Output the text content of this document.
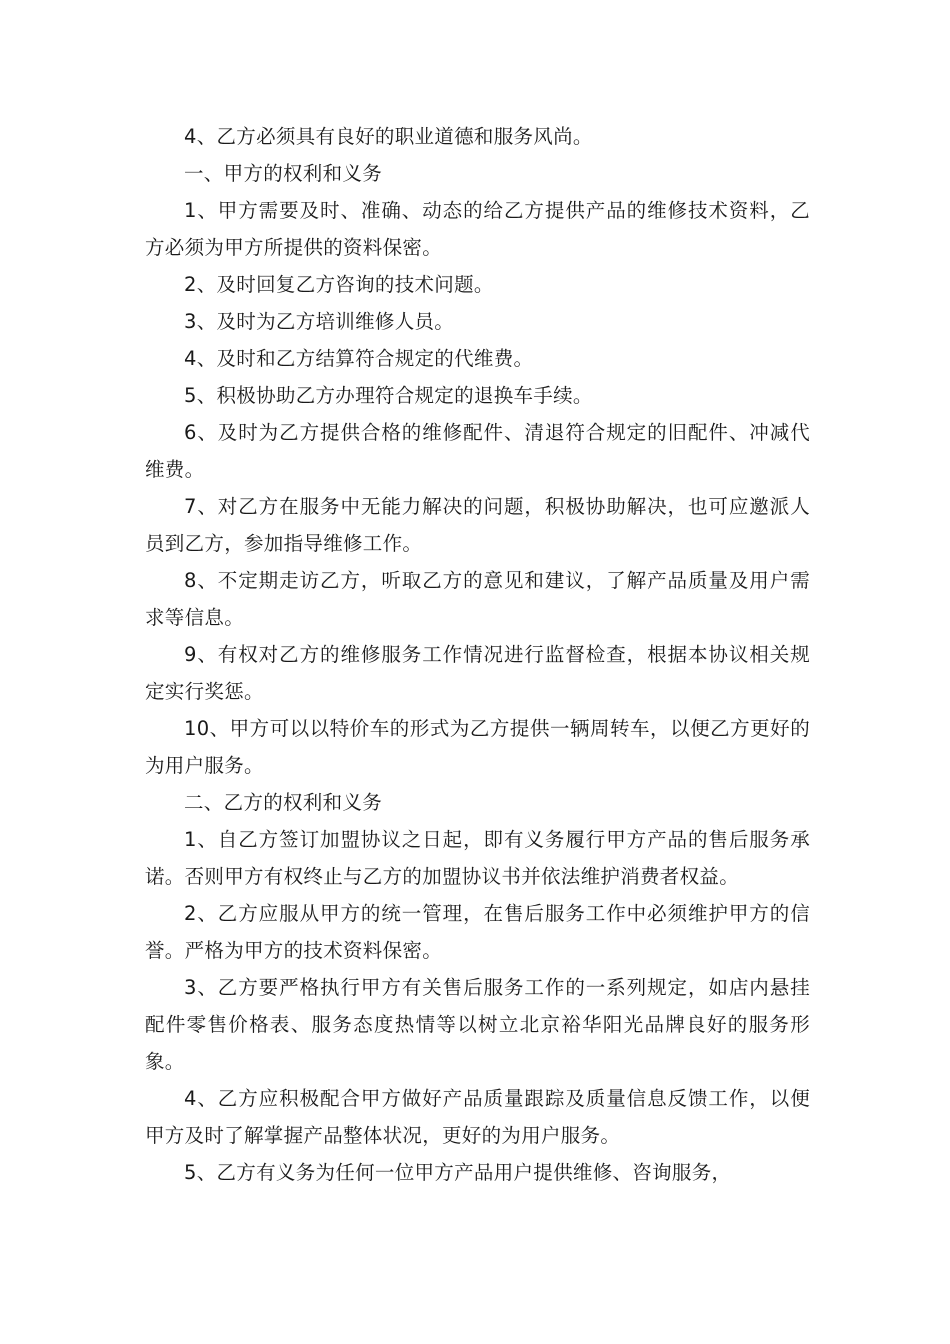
4、乙方必须具有良好的职业道德和服务风尚。

一、甲方的权利和义务

1、甲方需要及时、准确、动态的给乙方提供产品的维修技术资料，乙方必须为甲方所提供的资料保密。

2、及时回复乙方咨询的技术问题。

3、及时为乙方培训维修人员。

4、及时和乙方结算符合规定的代维费。

5、积极协助乙方办理符合规定的退换车手续。

6、及时为乙方提供合格的维修配件、清退符合规定的旧配件、冲减代维费。

7、对乙方在服务中无能力解决的问题，积极协助解决，也可应邀派人员到乙方，参加指导维修工作。

8、不定期走访乙方，听取乙方的意见和建议，了解产品质量及用户需求等信息。

9、有权对乙方的维修服务工作情况进行监督检查，根据本协议相关规定实行奖惩。

10、甲方可以以特价车的形式为乙方提供一辆周转车，以便乙方更好的为用户服务。

二、乙方的权利和义务

1、自乙方签订加盟协议之日起，即有义务履行甲方产品的售后服务承诺。否则甲方有权终止与乙方的加盟协议书并依法维护消费者权益。

2、乙方应服从甲方的统一管理，在售后服务工作中必须维护甲方的信誉。严格为甲方的技术资料保密。

3、乙方要严格执行甲方有关售后服务工作的一系列规定，如店内悬挂配件零售价格表、服务态度热情等以树立北京裕华阳光品牌良好的服务形象。

4、乙方应积极配合甲方做好产品质量跟踪及质量信息反馈工作，以便甲方及时了解掌握产品整体状况，更好的为用户服务。

5、乙方有义务为任何一位甲方产品用户提供维修、咨询服务，
